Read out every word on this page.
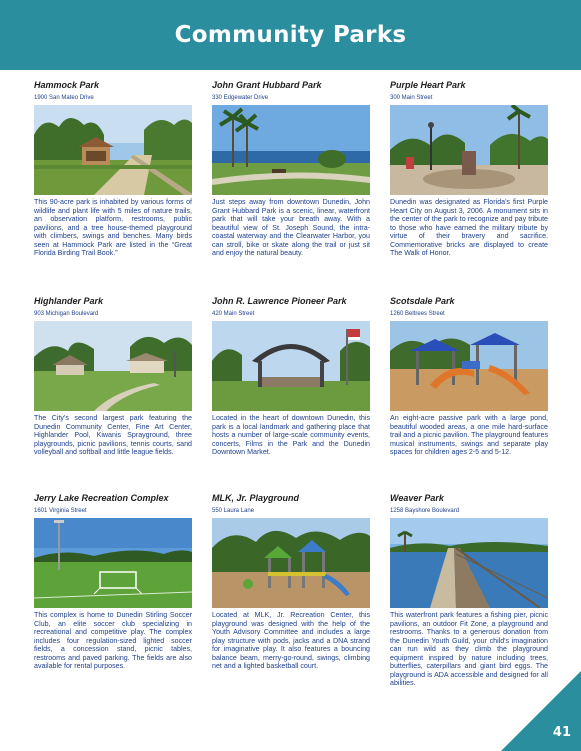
Community Parks
Hammock Park
1900 San Mateo Drive
This 90-acre park is inhabited by various forms of wildlife and plant life with 5 miles of nature trails, an observation platform, restrooms, public pavilions, and a tree house-themed playground with climbers, swings and benches. Many birds seen at Hammock Park are listed in the “Great Florida Birding Trail Book.”
John Grant Hubbard Park
330 Edgewater Drive
Just steps away from downtown Dunedin, John Grant Hubbard Park is a scenic, linear, waterfront park that will take your breath away. With a beautiful view of St. Joseph Sound, the intra-coastal waterway and the Clearwater Harbor, you can stroll, bike or skate along the trail or just sit and enjoy the natural beauty.
Purple Heart Park
300 Main Street
Dunedin was designated as Florida's first Purple Heart City on August 3, 2006. A monument sits in the center of the park to recognize and pay tribute to those who have earned the military tribute by virtue of their bravery and sacrifice. Commemorative bricks are displayed to create The Walk of Honor.
Highlander Park
903 Michigan Boulevard
The City's second largest park featuring the Dunedin Community Center, Fine Art Center, Highlander Pool, Kiwanis Sprayground, three playgrounds, picnic pavilions, tennis courts, sand volleyball and softball and little league fields.
John R. Lawrence Pioneer Park
420 Main Street
Located in the heart of downtown Dunedin, this park is a local landmark and gathering place that hosts a number of large-scale community events, concerts, Films in the Park and the Dunedin Downtown Market.
Scotsdale Park
1260 Beltrees Street
An eight-acre passive park with a large pond, beautiful wooded areas, a one mile hard-surface trail and a picnic pavilion. The playground features musical instruments, swings and separate play spaces for children ages 2-5 and 5-12.
Jerry Lake Recreation Complex
1601 Virginia Street
This complex is home to Dunedin Stirling Soccer Club, an elite soccer club specializing in recreational and competitive play. The complex includes four regulation-sized lighted soccer fields, a concession stand, picnic tables, restrooms and paved parking. The fields are also available for rental purposes.
MLK, Jr. Playground
550 Laura Lane
Located at MLK, Jr. Recreation Center, this playground was designed with the help of the Youth Advisory Committee and includes a large play structure with pods, jacks and a DNA strand for imaginative play. It also features a bouncing balance beam, merry-go-round, swings, climbing net and a lighted basketball court.
Weaver Park
1258 Bayshore Boulevard
This waterfront park features a fishing pier, picnic pavilions, an outdoor Fit Zone, a playground and restrooms. Thanks to a generous donation from the Dunedin Youth Guild, your child's imagination can run wild as they climb the playground equipment inspired by nature including trees, butterflies, caterpillars and giant bird eggs. The playground is ADA accessible and designed for all abilities.
41
